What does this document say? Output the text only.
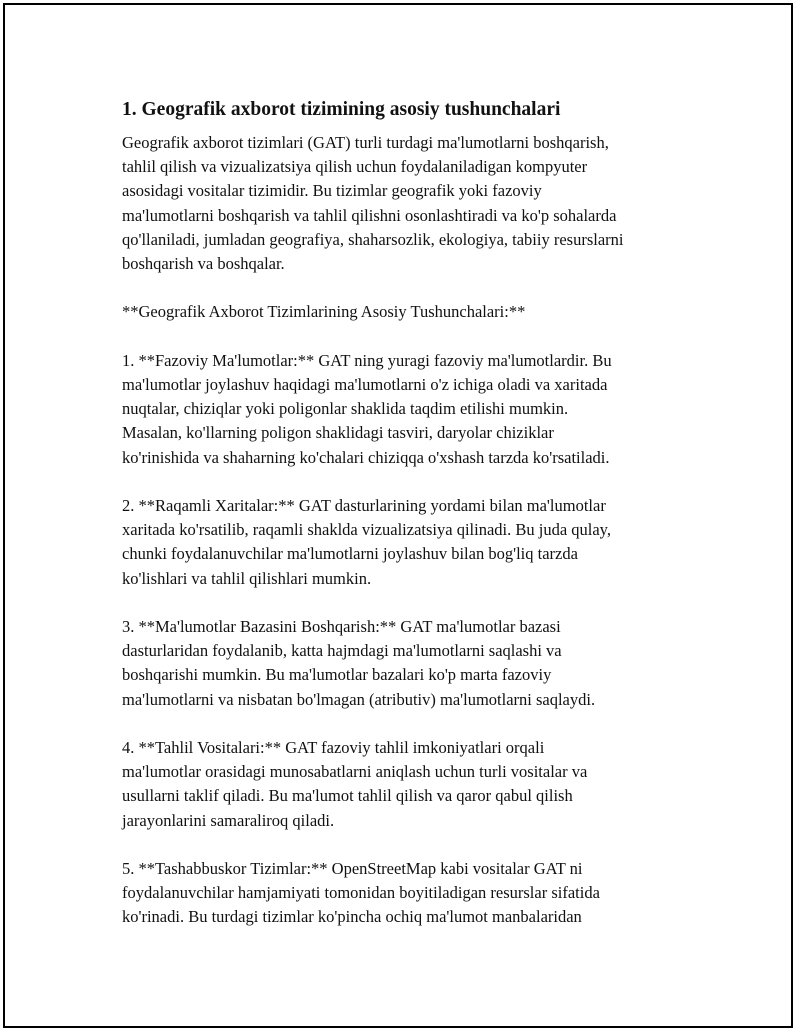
1. Geografik axborot tizimining asosiy tushunchalari

Geografik axborot tizimlari (GAT) turli turdagi ma'lumotlarni boshqarish,
tahlil qilish va vizualizatsiya qilish uchun foydalaniladigan kompyuter
asosidagi vositalar tizimidir. Bu tizimlar geografik yoki fazoviy
ma'lumotlarni boshqarish va tahlil qilishni osonlashtiradi va ko'p sohalarda
qo'llaniladi, jumladan geografiya, shaharsozlik, ekologiya, tabiiy resurslarni
boshqarish va boshqalar.

**Geografik Axborot Tizimlarining Asosiy Tushunchalari:**

1. **Fazoviy Ma'lumotlar:** GAT ning yuragi fazoviy ma'lumotlardir. Bu
ma'lumotlar joylashuv haqidagi ma'lumotlarni o'z ichiga oladi va xaritada
nuqtalar, chiziqlar yoki poligonlar shaklida taqdim etilishi mumkin.
Masalan, ko'llarning poligon shaklidagi tasviri, daryolar chiziklar
ko'rinishida va shaharning ko'chalari chiziqqa o'xshash tarzda ko'rsatiladi.

2. **Raqamli Xaritalar:** GAT dasturlarining yordami bilan ma'lumotlar
xaritada ko'rsatilib, raqamli shaklda vizualizatsiya qilinadi. Bu juda qulay,
chunki foydalanuvchilar ma'lumotlarni joylashuv bilan bog'liq tarzda
ko'lishlari va tahlil qilishlari mumkin.

3. **Ma'lumotlar Bazasini Boshqarish:** GAT ma'lumotlar bazasi
dasturlaridan foydalanib, katta hajmdagi ma'lumotlarni saqlashi va
boshqarishi mumkin. Bu ma'lumotlar bazalari ko'p marta fazoviy
ma'lumotlarni va nisbatan bo'lmagan (atributiv) ma'lumotlarni saqlaydi.

4. **Tahlil Vositalari:** GAT fazoviy tahlil imkoniyatlari orqali
ma'lumotlar orasidagi munosabatlarni aniqlash uchun turli vositalar va
usullarni taklif qiladi. Bu ma'lumot tahlil qilish va qaror qabul qilish
jarayonlarini samaraliroq qiladi.

5. **Tashabbuskor Tizimlar:** OpenStreetMap kabi vositalar GAT ni
foydalanuvchilar hamjamiyati tomonidan boyitiladigan resurslar sifatida
ko'rinadi. Bu turdagi tizimlar ko'pincha ochiq ma'lumot manbalaridan
